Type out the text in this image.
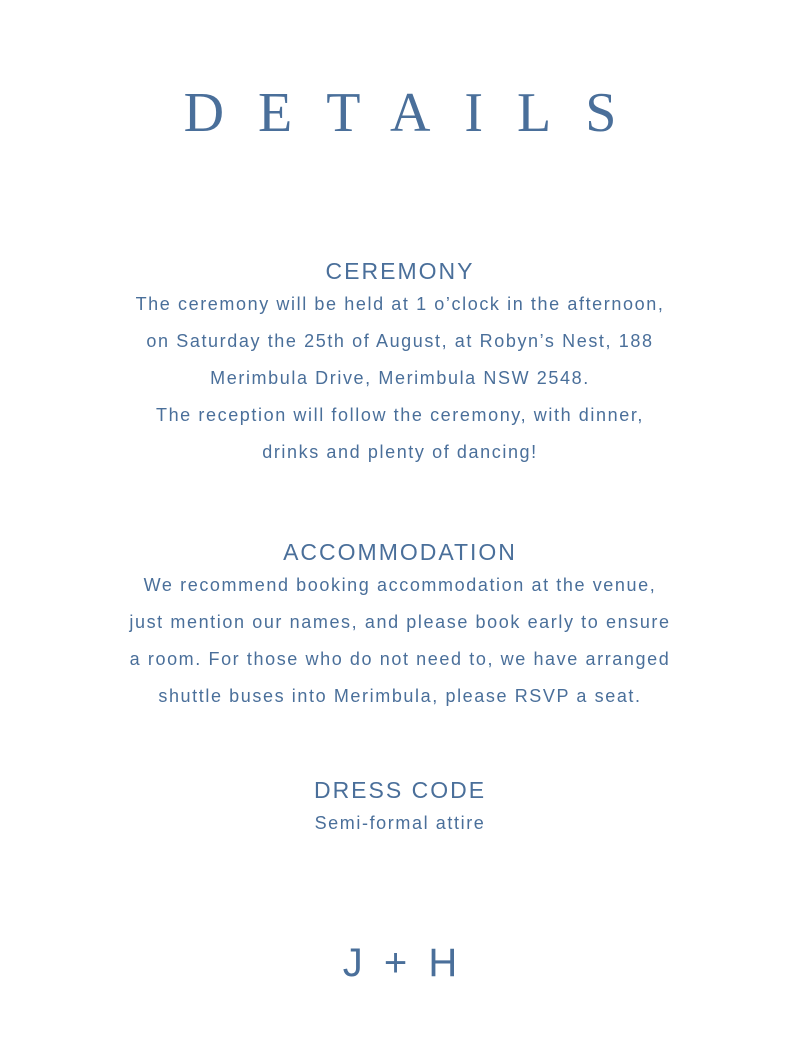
DETAILS
CEREMONY
The ceremony will be held at 1 o’clock in the afternoon,
on Saturday the 25th of August, at Robyn’s Nest, 188
Merimbula Drive, Merimbula NSW 2548.
The reception will follow the ceremony, with dinner,
drinks and plenty of dancing!
ACCOMMODATION
We recommend booking accommodation at the venue,
just mention our names, and please book early to ensure
a room. For those who do not need to, we have arranged
shuttle buses into Merimbula, please RSVP a seat.
DRESS CODE
Semi-formal attire
J + H
